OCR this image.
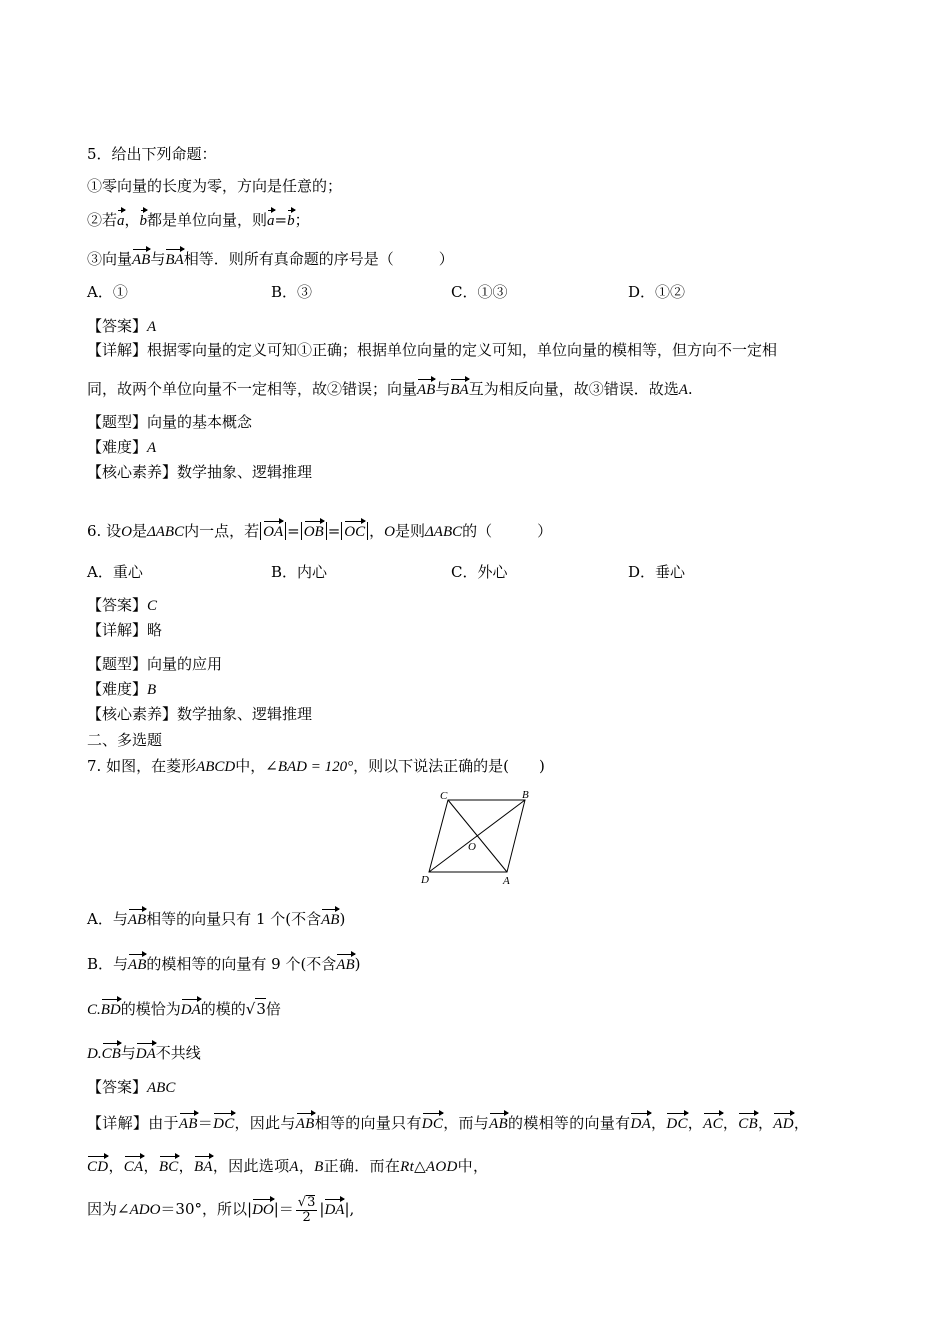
5．给出下列命题：
①零向量的长度为零，方向是任意的；
②若a，b都是单位向量，则a=b；
③向量AB与BA相等．则所有真命题的序号是（　　　）
A．①	B．③	C．①③	D．①②
【答案】A
【详解】根据零向量的定义可知①正确；根据单位向量的定义可知，单位向量的模相等，但方向不一定相
同，故两个单位向量不一定相等，故②错误；向量AB与BA互为相反向量，故③错误．故选A.
【题型】向量的基本概念
【难度】A
【核心素养】数学抽象、逻辑推理
6. 设O是ΔABC内一点，若 OA = OB = OC ，O是则ΔABC的（　　　）
A．重心	B．内心	C．外心	D．垂心
【答案】C
【详解】略
【题型】向量的应用
【难度】B
【核心素养】数学抽象、逻辑推理
二、多选题
7. 如图，在菱形ABCD中，∠BAD = 120°，则以下说法正确的是(　　)
C	B
O
D	A
A．与AB相等的向量只有 1 个(不含AB)
B．与AB的模相等的向量有 9 个(不含AB)
C.BD的模恰为DA的模的√3倍
D.CB与DA不共线
【答案】ABC
【详解】由于AB＝DC，因此与AB相等的向量只有DC，而与AB的模相等的向量有DA，DC，AC，CB，AD，
CD，CA，BC，BA，因此选项A，B正确．而在Rt△AOD中，
因为∠ADO＝30°，所以$|DO|= \frac{√3}{2} |DA|$,
